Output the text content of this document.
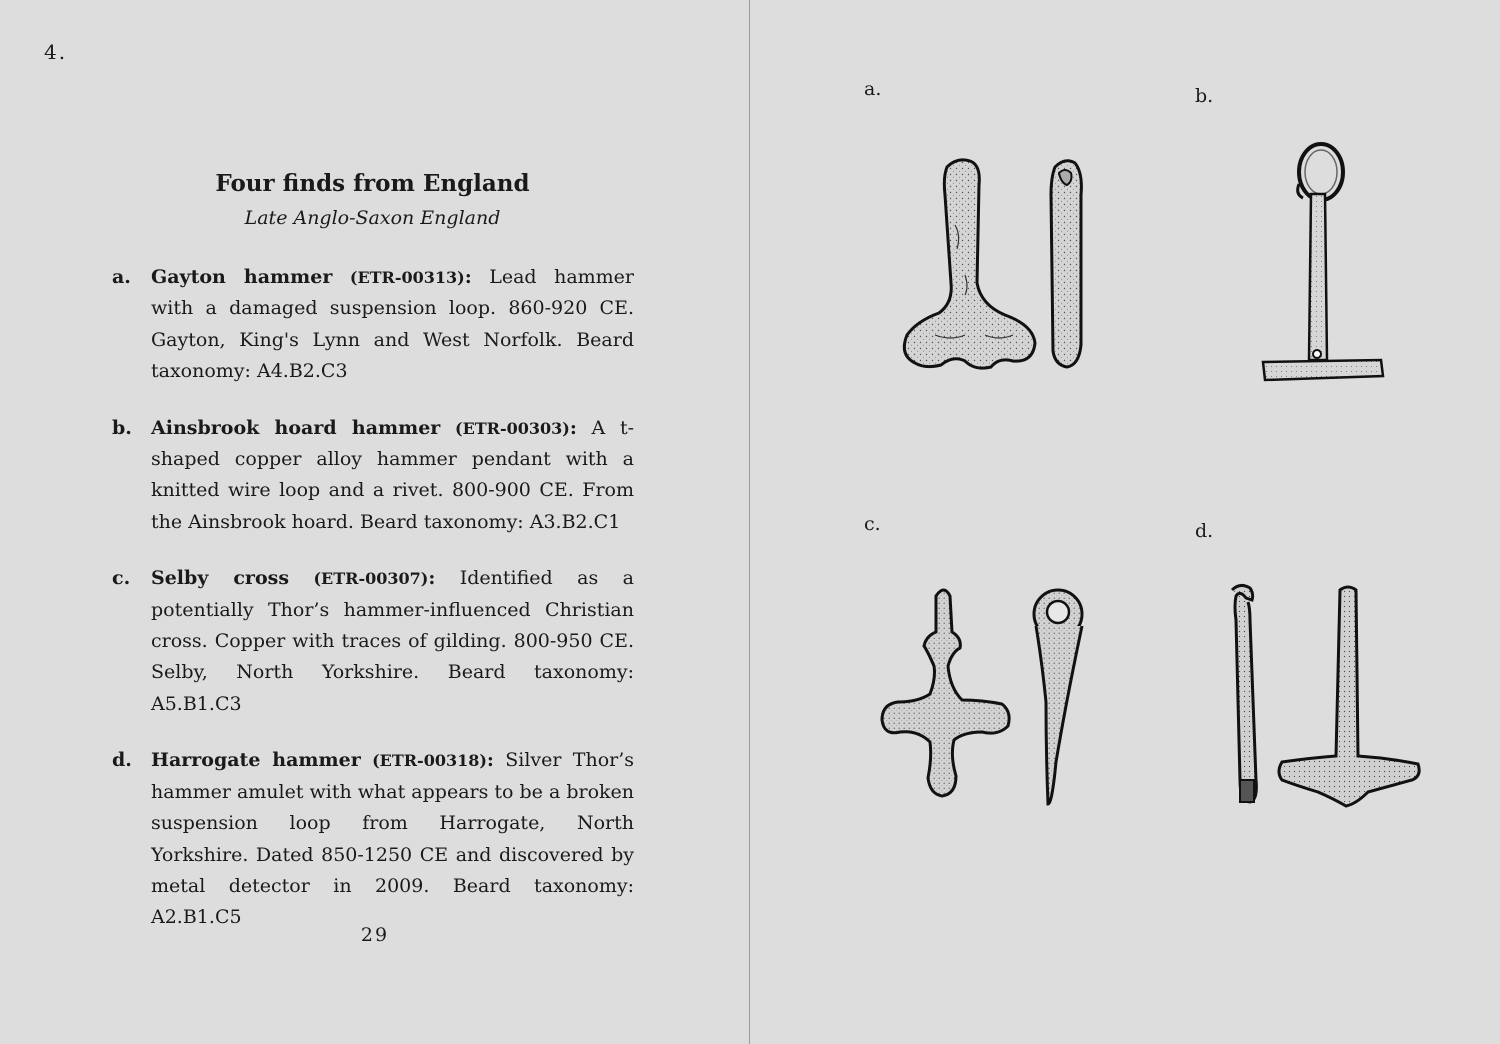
4.
Four finds from England
Late Anglo-Saxon England
a. Gayton hammer (ETR-00313): Lead hammer with a damaged suspension loop. 860-920 CE. Gayton, King's Lynn and West Norfolk. Beard taxonomy: A4.B2.C3
b. Ainsbrook hoard hammer (ETR-00303): A t-shaped copper alloy hammer pendant with a knitted wire loop and a rivet. 800-900 CE. From the Ainsbrook hoard. Beard taxonomy: A3.B2.C1
c. Selby cross (ETR-00307): Identified as a potentially Thor’s hammer-influenced Christian cross. Copper with traces of gilding. 800-950 CE. Selby, North Yorkshire. Beard taxonomy: A5.B1.C3
d. Harrogate hammer (ETR-00318): Silver Thor’s hammer amulet with what appears to be a broken suspension loop from Harrogate, North Yorkshire. Dated 850-1250 CE and discovered by metal detector in 2009. Beard taxonomy: A2.B1.C5
29
a.	b.
c.	d.
